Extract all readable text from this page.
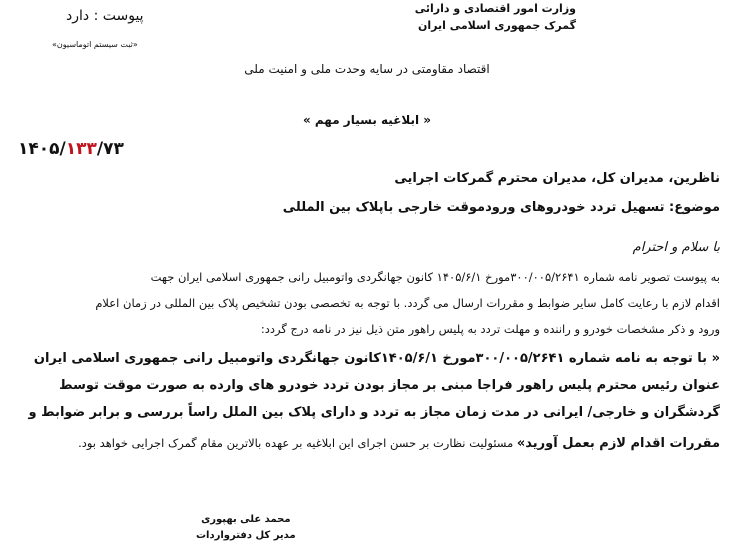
وزارت امور اقتصادی و دارائی
گمرک جمهوری اسلامی ایران
پیوست : دارد
«ثبت سیستم اتوماسیون»
اقتصاد مقاومتی در سایه وحدت ملی و امنیت ملی
« ابلاغیه بسیار مهم »
۱۴۰۵/۱۳۳/۷۳
ناظرین، مدیران کل، مدیران محترم گمرکات اجرایی
موضوع: تسهیل تردد خودروهای ورودموقت خارجی باپلاک بین المللی
با سلام و احترام
به پیوست تصویر نامه شماره ۳۰۰/۰۰۵/۲۶۴۱مورخ ۱۴۰۵/۶/۱ کانون جهانگردی واتومبیل رانی جمهوری اسلامی ایران جهت
اقدام لازم با رعایت کامل سایر ضوابط و مقررات ارسال می گردد. با توجه به تخصصی بودن تشخیص پلاک بین المللی در زمان اعلام
ورود و ذکر مشخصات خودرو و راننده و مهلت تردد به پلیس راهور متن ذیل نیز در نامه درج گردد:
« با توجه به نامه شماره ۳۰۰/۰۰۵/۲۶۴۱مورخ ۱۴۰۵/۶/۱کانون جهانگردی واتومبیل رانی جمهوری اسلامی ایران
عنوان رئیس محترم پلیس راهور فراجا مبنی بر مجاز بودن تردد خودرو های وارده به صورت موقت توسط
گردشگران و خارجی/ ایرانی در مدت زمان مجاز به تردد و دارای پلاک بین الملل راساً بررسی و برابر ضوابط و
مقررات اقدام لازم بعمل آورید» مسئولیت نظارت بر حسن اجرای این ابلاغیه بر عهده بالاترین مقام گمرک اجرایی خواهد بود.
محمد علی بهپوری
مدیر کل دفترواردات
